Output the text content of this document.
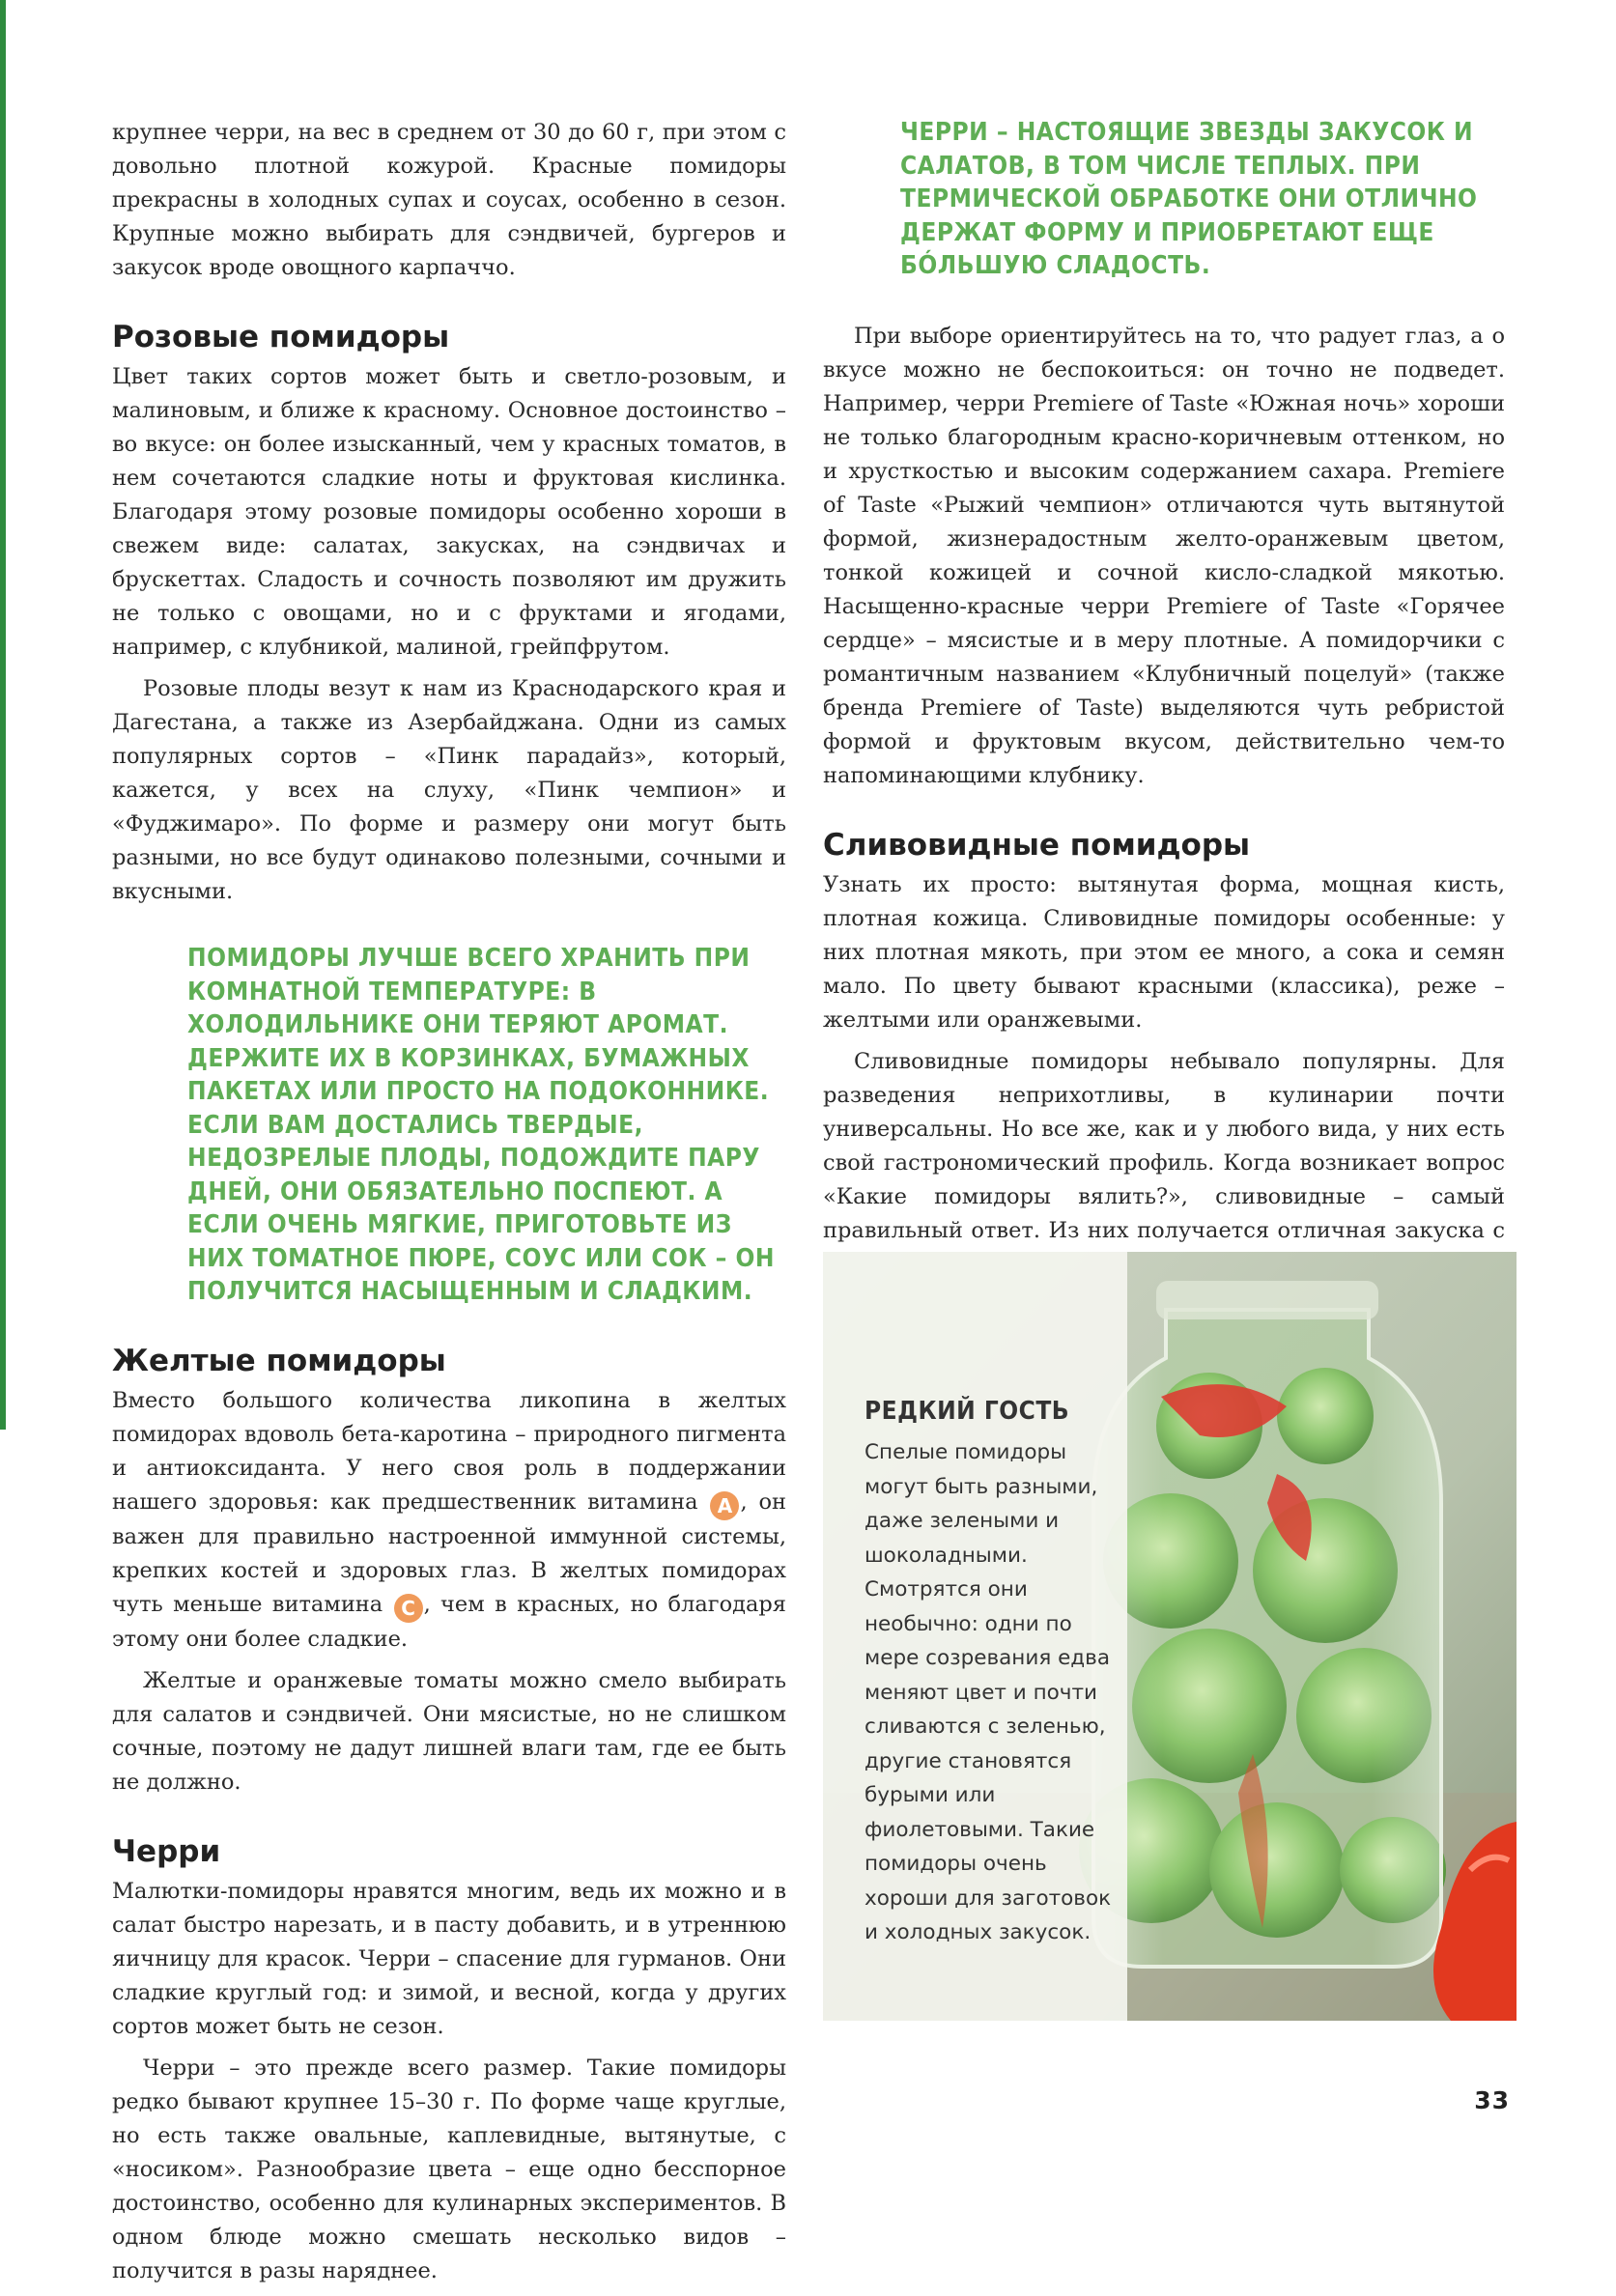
крупнее черри, на вес в среднем от 30 до 60 г, при этом с довольно плотной кожурой. Красные помидоры прекрасны в холодных супах и соусах, особенно в сезон. Крупные можно выбирать для сэндвичей, бургеров и закусок вроде овощного карпаччо.

Розовые помидоры

Цвет таких сортов может быть и светло-розовым, и малиновым, и ближе к красному. Основное достоинство – во вкусе: он более изысканный, чем у красных томатов, в нем сочетаются сладкие ноты и фруктовая кислинка. Благодаря этому розовые помидоры особенно хороши в свежем виде: салатах, закусках, на сэндвичах и брускеттах. Сладость и сочность позволяют им дружить не только с овощами, но и с фруктами и ягодами, например, с клубникой, малиной, грейпфрутом.

Розовые плоды везут к нам из Краснодарского края и Дагестана, а также из Азербайджана. Одни из самых популярных сортов – «Пинк парадайз», который, кажется, у всех на слуху, «Пинк чемпион» и «Фуджимаро». По форме и размеру они могут быть разными, но все будут одинаково полезными, сочными и вкусными.

ПОМИДОРЫ ЛУЧШЕ ВСЕГО ХРАНИТЬ ПРИ КОМНАТНОЙ ТЕМПЕРАТУРЕ: В ХОЛОДИЛЬНИКЕ ОНИ ТЕРЯЮТ АРОМАТ. ДЕРЖИТЕ ИХ В КОРЗИНКАХ, БУМАЖНЫХ ПАКЕТАХ ИЛИ ПРОСТО НА ПОДОКОННИКЕ. ЕСЛИ ВАМ ДОСТАЛИСЬ ТВЕРДЫЕ, НЕДОЗРЕЛЫЕ ПЛОДЫ, ПОДОЖДИТЕ ПАРУ ДНЕЙ, ОНИ ОБЯЗАТЕЛЬНО ПОСПЕЮТ. А ЕСЛИ ОЧЕНЬ МЯГКИЕ, ПРИГОТОВЬТЕ ИЗ НИХ ТОМАТНОЕ ПЮРЕ, СОУС ИЛИ СОК – ОН ПОЛУЧИТСЯ НАСЫЩЕННЫМ И СЛАДКИМ.
Желтые помидоры

Вместо большого количества ликопина в желтых помидорах вдоволь бета-каротина – природного пигмента и антиоксиданта. У него своя роль в поддержании нашего здоровья: как предшественник витамина A , он важен для правильно настроенной иммунной системы, крепких костей и здоровых глаз. В желтых помидорах чуть меньше витамина C , чем в красных, но благодаря этому они более сладкие.

Желтые и оранжевые томаты можно смело выбирать для салатов и сэндвичей. Они мясистые, но не слишком сочные, поэтому не дадут лишней влаги там, где ее быть не должно.

Черри

Малютки-помидоры нравятся многим, ведь их можно и в салат быстро нарезать, и в пасту добавить, и в утреннюю яичницу для красок. Черри – спасение для гурманов. Они сладкие круглый год: и зимой, и весной, когда у других сортов может быть не сезон.

Черри – это прежде всего размер. Такие помидоры редко бывают крупнее 15–30 г. По форме чаще круглые, но есть также овальные, каплевидные, вытянутые, с «носиком». Разнообразие цвета – еще одно бесспорное достоинство, особенно для кулинарных экспериментов. В одном блюде можно смешать несколько видов – получится в разы наряднее.

ЧЕРРИ – НАСТОЯЩИЕ ЗВЕЗДЫ ЗАКУСОК И САЛАТОВ, В ТОМ ЧИСЛЕ ТЕПЛЫХ. ПРИ ТЕРМИЧЕСКОЙ ОБРАБОТКЕ ОНИ ОТЛИЧНО ДЕРЖАТ ФОРМУ И ПРИОБРЕТАЮТ ЕЩЕ БÓЛЬШУЮ СЛАДОСТЬ.

При выборе ориентируйтесь на то, что радует глаз, а о вкусе можно не беспокоиться: он точно не подведет. Например, черри Premiere of Taste «Южная ночь» хороши не только благородным красно-коричневым оттенком, но и хрусткостью и высоким содержанием сахара. Premiere of Taste «Рыжий чемпион» отличаются чуть вытянутой формой, жизнерадостным желто-оранжевым цветом, тонкой кожицей и сочной кисло-сладкой мякотью. Насыщенно-красные черри Premiere of Taste «Горячее сердце» – мясистые и в меру плотные. А помидорчики с романтичным названием «Клубничный поцелуй» (также бренда Premiere of Taste) выделяются чуть ребристой формой и фруктовым вкусом, действительно чем-то напоминающими клубнику.

Сливовидные помидоры

Узнать их просто: вытянутая форма, мощная кисть, плотная кожица. Сливовидные помидоры особенные: у них плотная мякоть, при этом ее много, а сока и семян мало. По цвету бывают красными (классика), реже – желтыми или оранжевыми.

Сливовидные помидоры небывало популярны. Для разведения неприхотливы, в кулинарии почти универсальны. Но все же, как и у любого вида, у них есть свой гастрономический профиль. Когда возникает вопрос «Какие помидоры вялить?», сливовидные – самый правильный ответ. Из них получается отличная закуска с

РЕДКИЙ ГОСТЬ
Спелые помидоры могут быть разными, даже зелеными и шоколадными. Смотрятся они необычно: одни по мере созревания едва меняют цвет и почти сливаются с зеленью, другие становятся бурыми или фиолетовыми. Такие помидоры очень хороши для заготовок и холодных закусок.
33
